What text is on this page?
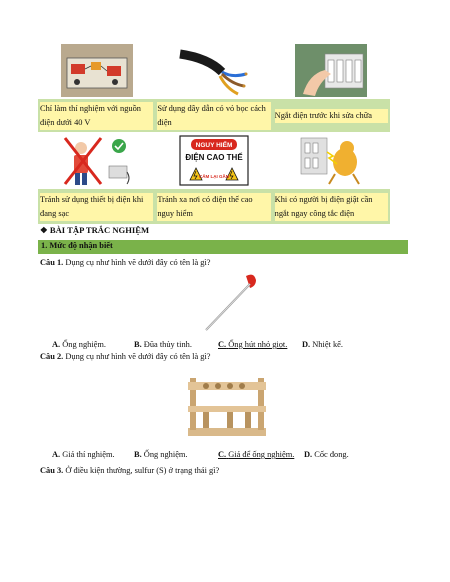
Chỉ làm thí nghiệm với nguồn điện dưới 40 V
Sử dụng dây dẫn có vỏ bọc cách điện
Ngắt điện trước khi sửa chữa
NGUY HIỂM
ĐIỆN CAO THẾ
CẤM LẠI GẦN
Tránh sử dụng thiết bị điện khi đang sạc
Tránh xa nơi có điện thế cao nguy hiểm
Khi có người bị điện giật cần ngắt ngay công tắc điện
❖ BÀI TẬP TRẮC NGHIỆM
1. Mức độ nhận biết
Câu 1. Dụng cụ như hình vẽ dưới đây có tên là gì?
A. Ống nghiệm.	B. Đũa thủy tinh.	C. Ống hút nhỏ giọt. D. Nhiệt kế.
Câu 2. Dụng cụ như hình vẽ dưới đây có tên là gì?
A. Giá thí nghiệm. B. Ống nghiệm.	C. Giá để ống nghiệm. D. Cốc đong.
Câu 3. Ở điều kiện thường, sulfur (S) ở trạng thái gì?
